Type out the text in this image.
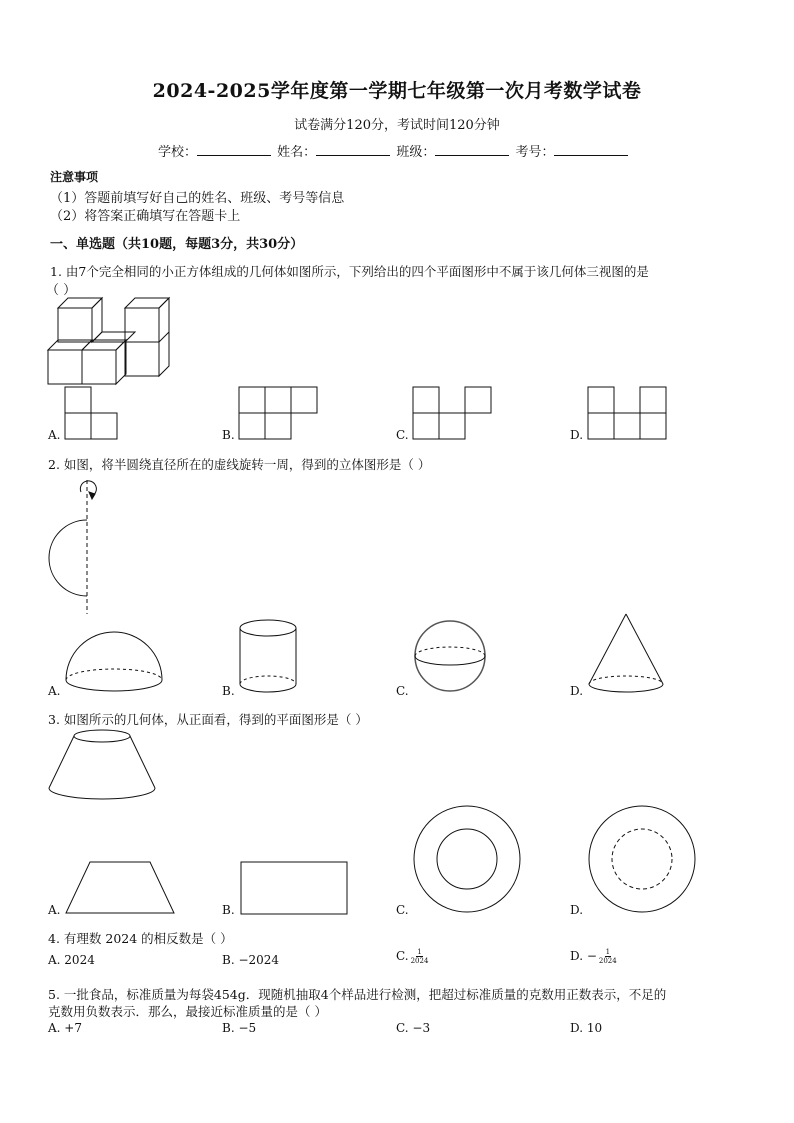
2024-2025学年度第一学期七年级第一次月考数学试卷
试卷满分120分，考试时间120分钟
学校：	姓名：	班级：	考号：
注意事项
（1）答题前填写好自己的姓名、班级、考号等信息
（2）将答案正确填写在答题卡上
一、单选题（共10题，每题3分，共30分）
1. 由7个完全相同的小正方体组成的几何体如图所示，下列给出的四个平面图形中不属于该几何体三视图的是
（ ）
A.	B.	C.	D.
2. 如图，将半圆绕直径所在的虚线旋转一周，得到的立体图形是（ ）
A.	B.	C.	D.
3. 如图所示的几何体，从正面看，得到的平面图形是（ ）
A.	B.	C.	D.
4. 有理数 2024 的相反数是（ ）
A. 2024	B. −2024	C. $\frac{1}{2024}$	D. − $\frac{1}{2024}$
5. 一批食品，标准质量为每袋454g．现随机抽取4个样品进行检测，把超过标准质量的克数用正数表示，不足的
克数用负数表示．那么，最接近标准质量的是（ ）
A. +7	B. −5	C. −3	D. 10
